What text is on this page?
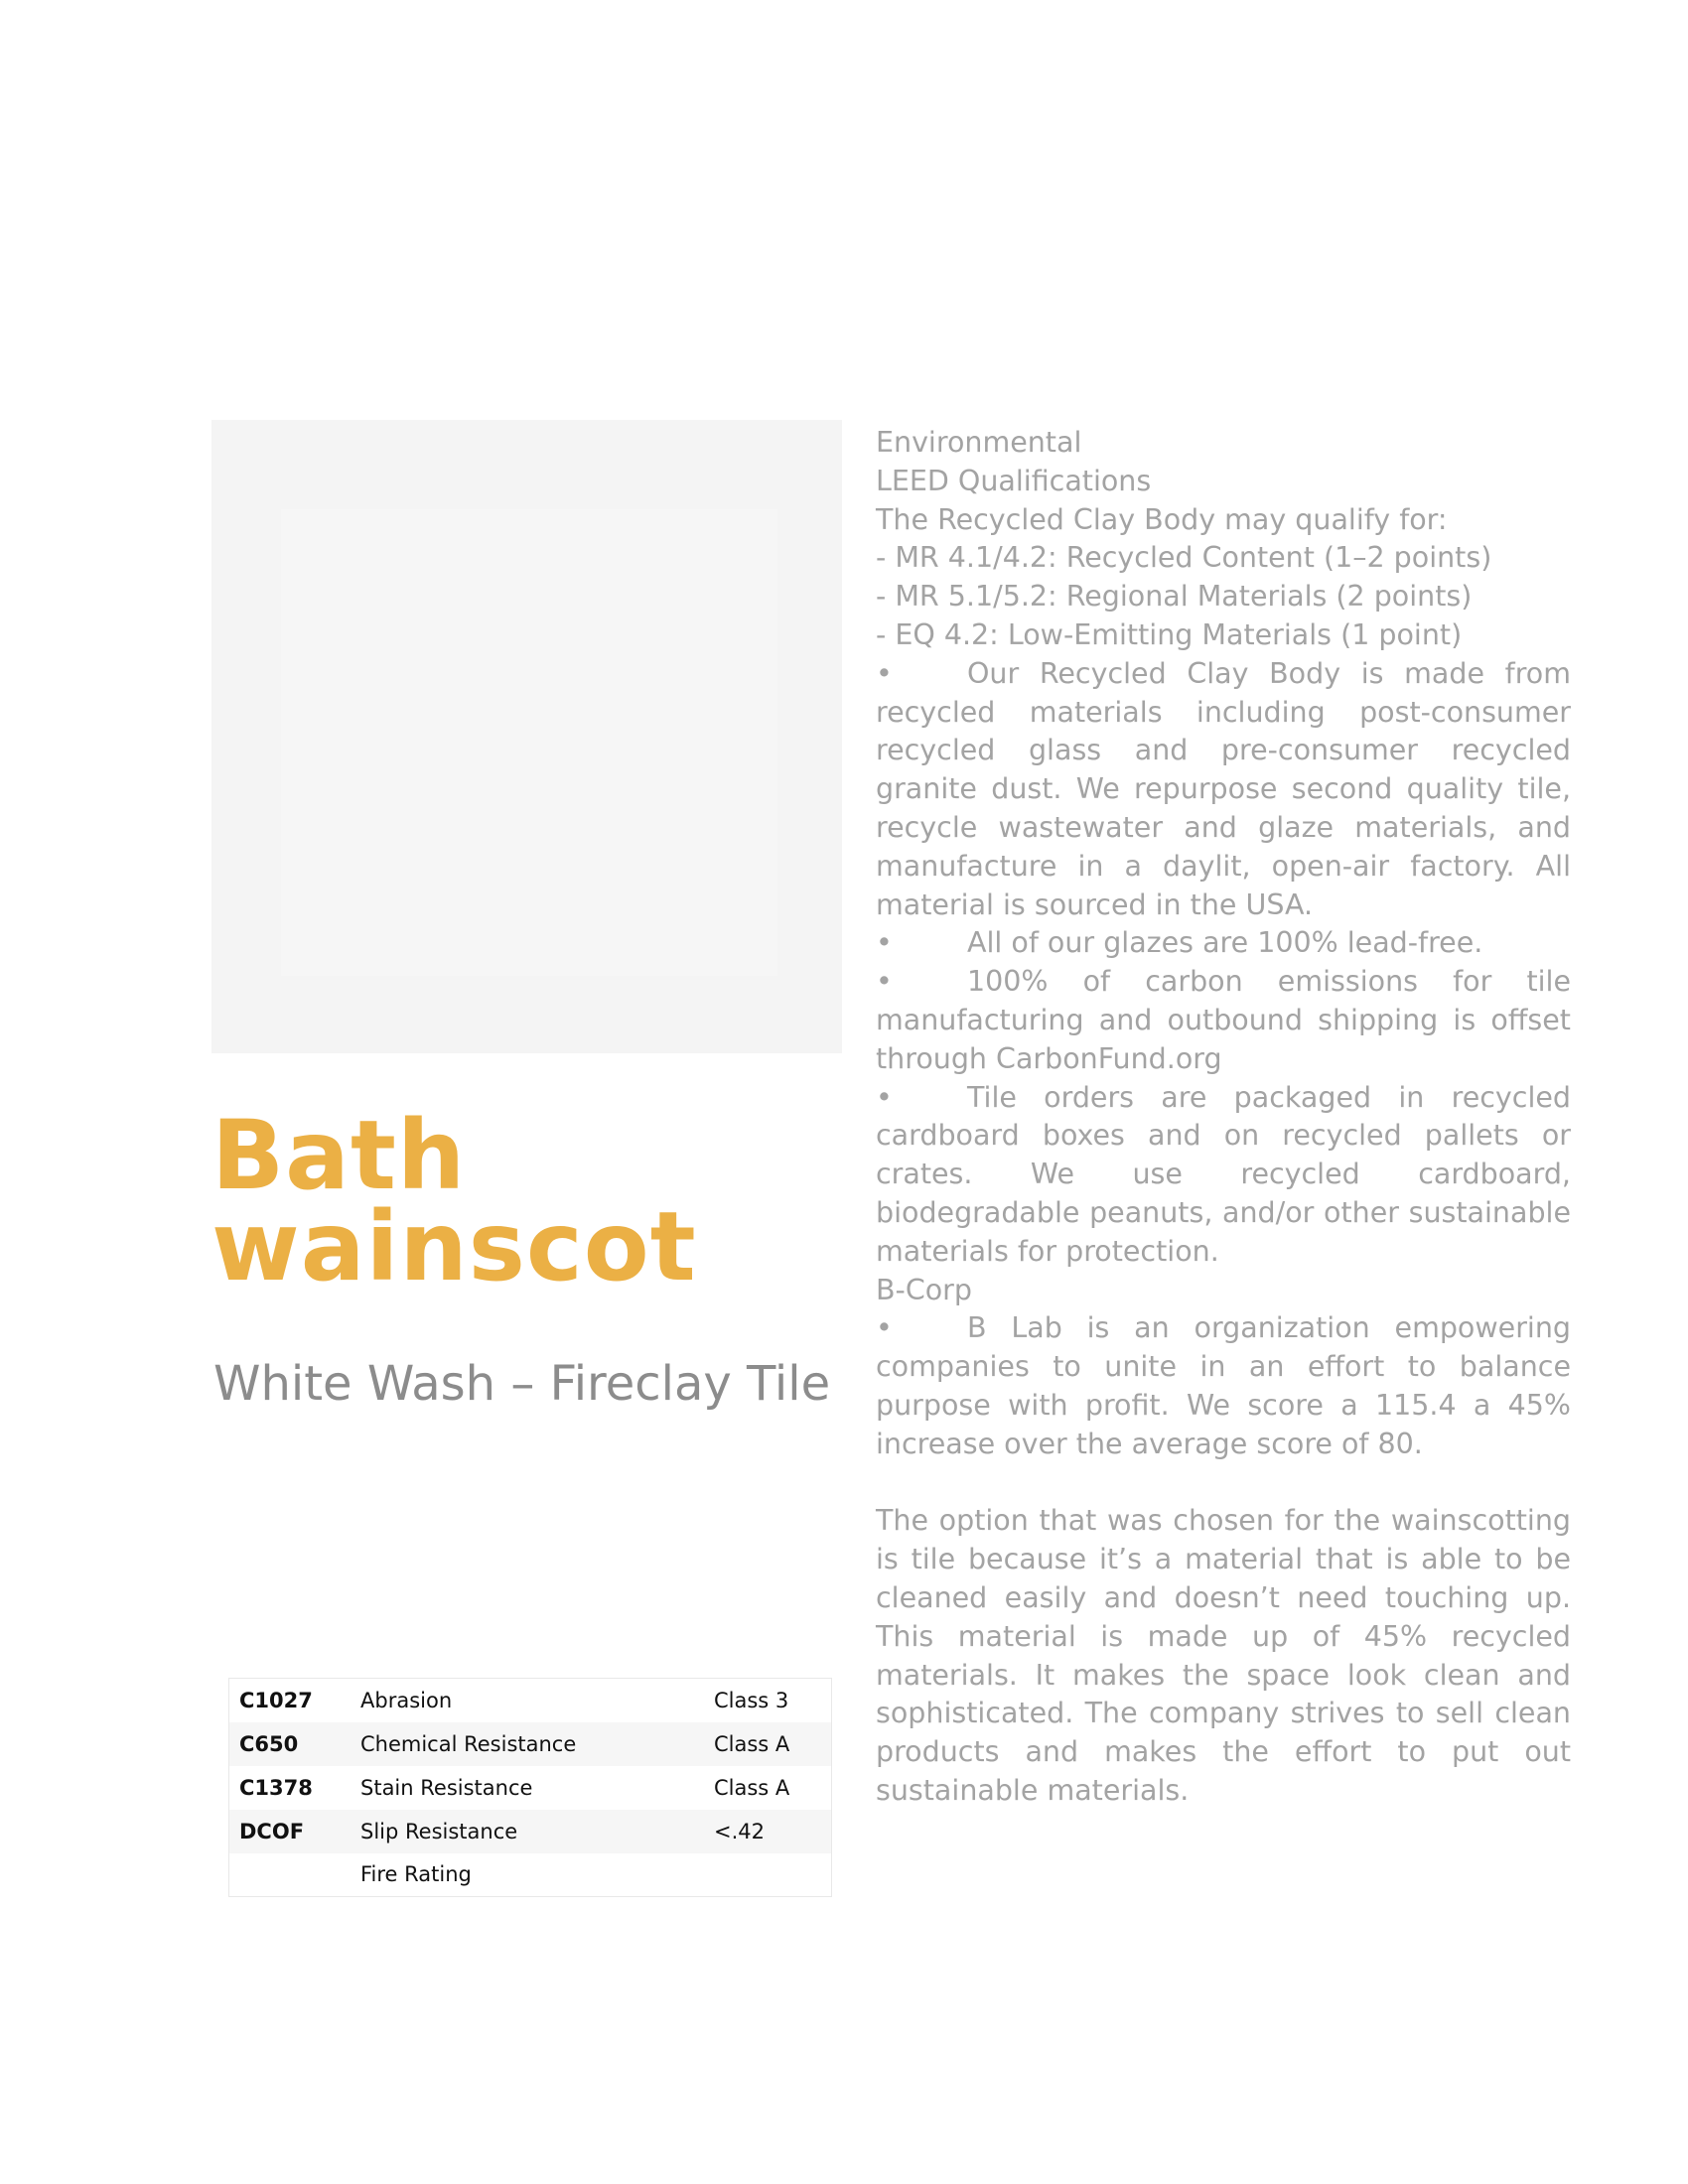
Bath wainscot
White Wash – Fireclay Tile
C1027	Abrasion	Class 3
C650	Chemical Resistance	Class A
C1378	Stain Resistance	Class A
DCOF	Slip Resistance	<.42
	Fire Rating	

Environmental

LEED Qualifications

The Recycled Clay Body may qualify for:

- MR 4.1/4.2: Recycled Content (1–2 points)

- MR 5.1/5.2: Regional Materials (2 points)

- EQ 4.2: Low-Emitting Materials (1 point)

•	Our Recycled Clay Body is made from recycled materials including post-consumer recycled glass and pre-consumer recycled granite dust. We repurpose second quality tile, recycle wastewater and glaze materials, and manufacture in a daylit, open-air factory. All material is sourced in the USA.

•	All of our glazes are 100% lead-free.

•	100% of carbon emissions for tile manufacturing and outbound shipping is offset through CarbonFund.org

•	Tile orders are packaged in recycled cardboard boxes and on recycled pallets or crates. We use recycled cardboard, biodegradable peanuts, and/or other sustainable materials for protection.

B-Corp

•	B Lab is an organization empowering companies to unite in an effort to balance purpose with profit. We score a 115.4 a 45% increase over the average score of 80.

The option that was chosen for the wainscotting is tile because it’s a material that is able to be cleaned easily and doesn’t need touching up. This material is made up of 45% recycled materials. It makes the space look clean and sophisticated. The company strives to sell clean products and makes the effort to put out sustainable materials.
